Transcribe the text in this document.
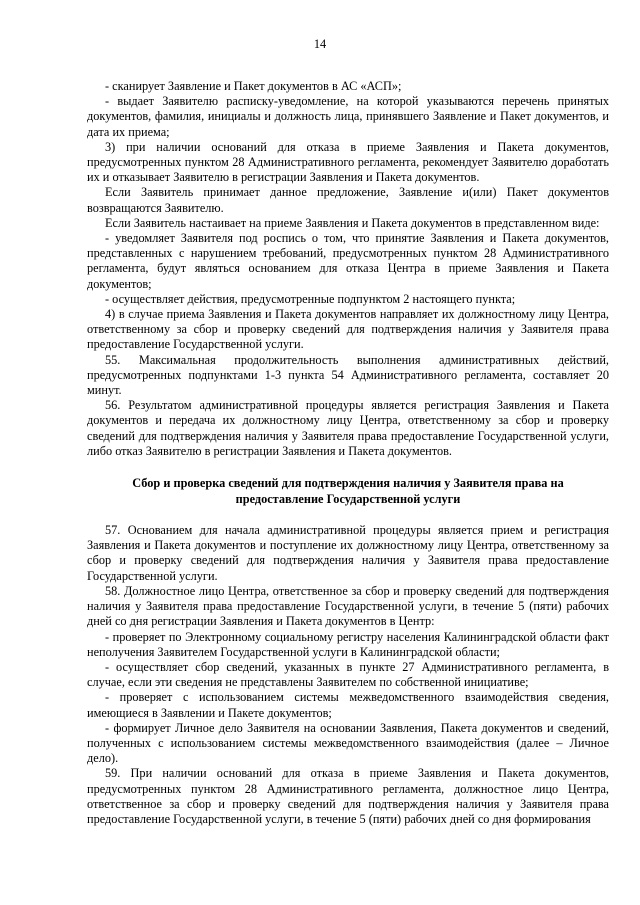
14

- сканирует Заявление и Пакет документов в АС «АСП»;

- выдает Заявителю расписку-уведомление, на которой указываются перечень принятых документов, фамилия, инициалы и должность лица, принявшего Заявление и Пакет документов, и дата их приема;

3) при наличии оснований для отказа в приеме Заявления и Пакета документов, предусмотренных пунктом 28 Административного регламента, рекомендует Заявителю доработать их и отказывает Заявителю в регистрации Заявления и Пакета документов.

Если Заявитель принимает данное предложение, Заявление и(или) Пакет документов возвращаются Заявителю.

Если Заявитель настаивает на приеме Заявления и Пакета документов в представленном виде:

- уведомляет Заявителя под роспись о том, что принятие Заявления и Пакета документов, представленных с нарушением требований, предусмотренных пунктом 28 Административного регламента, будут являться основанием для отказа Центра в приеме Заявления и Пакета документов;

- осуществляет действия, предусмотренные подпунктом 2 настоящего пункта;

4) в случае приема Заявления и Пакета документов направляет их должностному лицу Центра, ответственному за сбор и проверку сведений для подтверждения наличия у Заявителя права предоставление Государственной услуги.

55. Максимальная продолжительность выполнения административных действий, предусмотренных подпунктами 1-3 пункта 54 Административного регламента, составляет 20 минут.

56. Результатом административной процедуры является регистрация Заявления и Пакета документов и передача их должностному лицу Центра, ответственному за сбор и проверку сведений для подтверждения наличия у Заявителя права предоставление Государственной услуги, либо отказ Заявителю в регистрации Заявления и Пакета документов.

Сбор и проверка сведений для подтверждения наличия у Заявителя права на предоставление Государственной услуги

57. Основанием для начала административной процедуры является прием и регистрация Заявления и Пакета документов и поступление их должностному лицу Центра, ответственному за сбор и проверку сведений для подтверждения наличия у Заявителя права предоставление Государственной услуги.

58. Должностное лицо Центра, ответственное за сбор и проверку сведений для подтверждения наличия у Заявителя права предоставление Государственной услуги, в течение 5 (пяти) рабочих дней со дня регистрации Заявления и Пакета документов в Центр:

- проверяет по Электронному социальному регистру населения Калининградской области факт неполучения Заявителем Государственной услуги в Калининградской области;

- осуществляет сбор сведений, указанных в пункте 27 Административного регламента, в случае, если эти сведения не представлены Заявителем по собственной инициативе;

- проверяет с использованием системы межведомственного взаимодействия сведения, имеющиеся в Заявлении и Пакете документов;

- формирует Личное дело Заявителя на основании Заявления, Пакета документов и сведений, полученных с использованием системы межведомственного взаимодействия (далее – Личное дело).

59. При наличии оснований для отказа в приеме Заявления и Пакета документов, предусмотренных пунктом 28 Административного регламента, должностное лицо Центра, ответственное за сбор и проверку сведений для подтверждения наличия у Заявителя права предоставление Государственной услуги, в течение 5 (пяти) рабочих дней со дня формирования
